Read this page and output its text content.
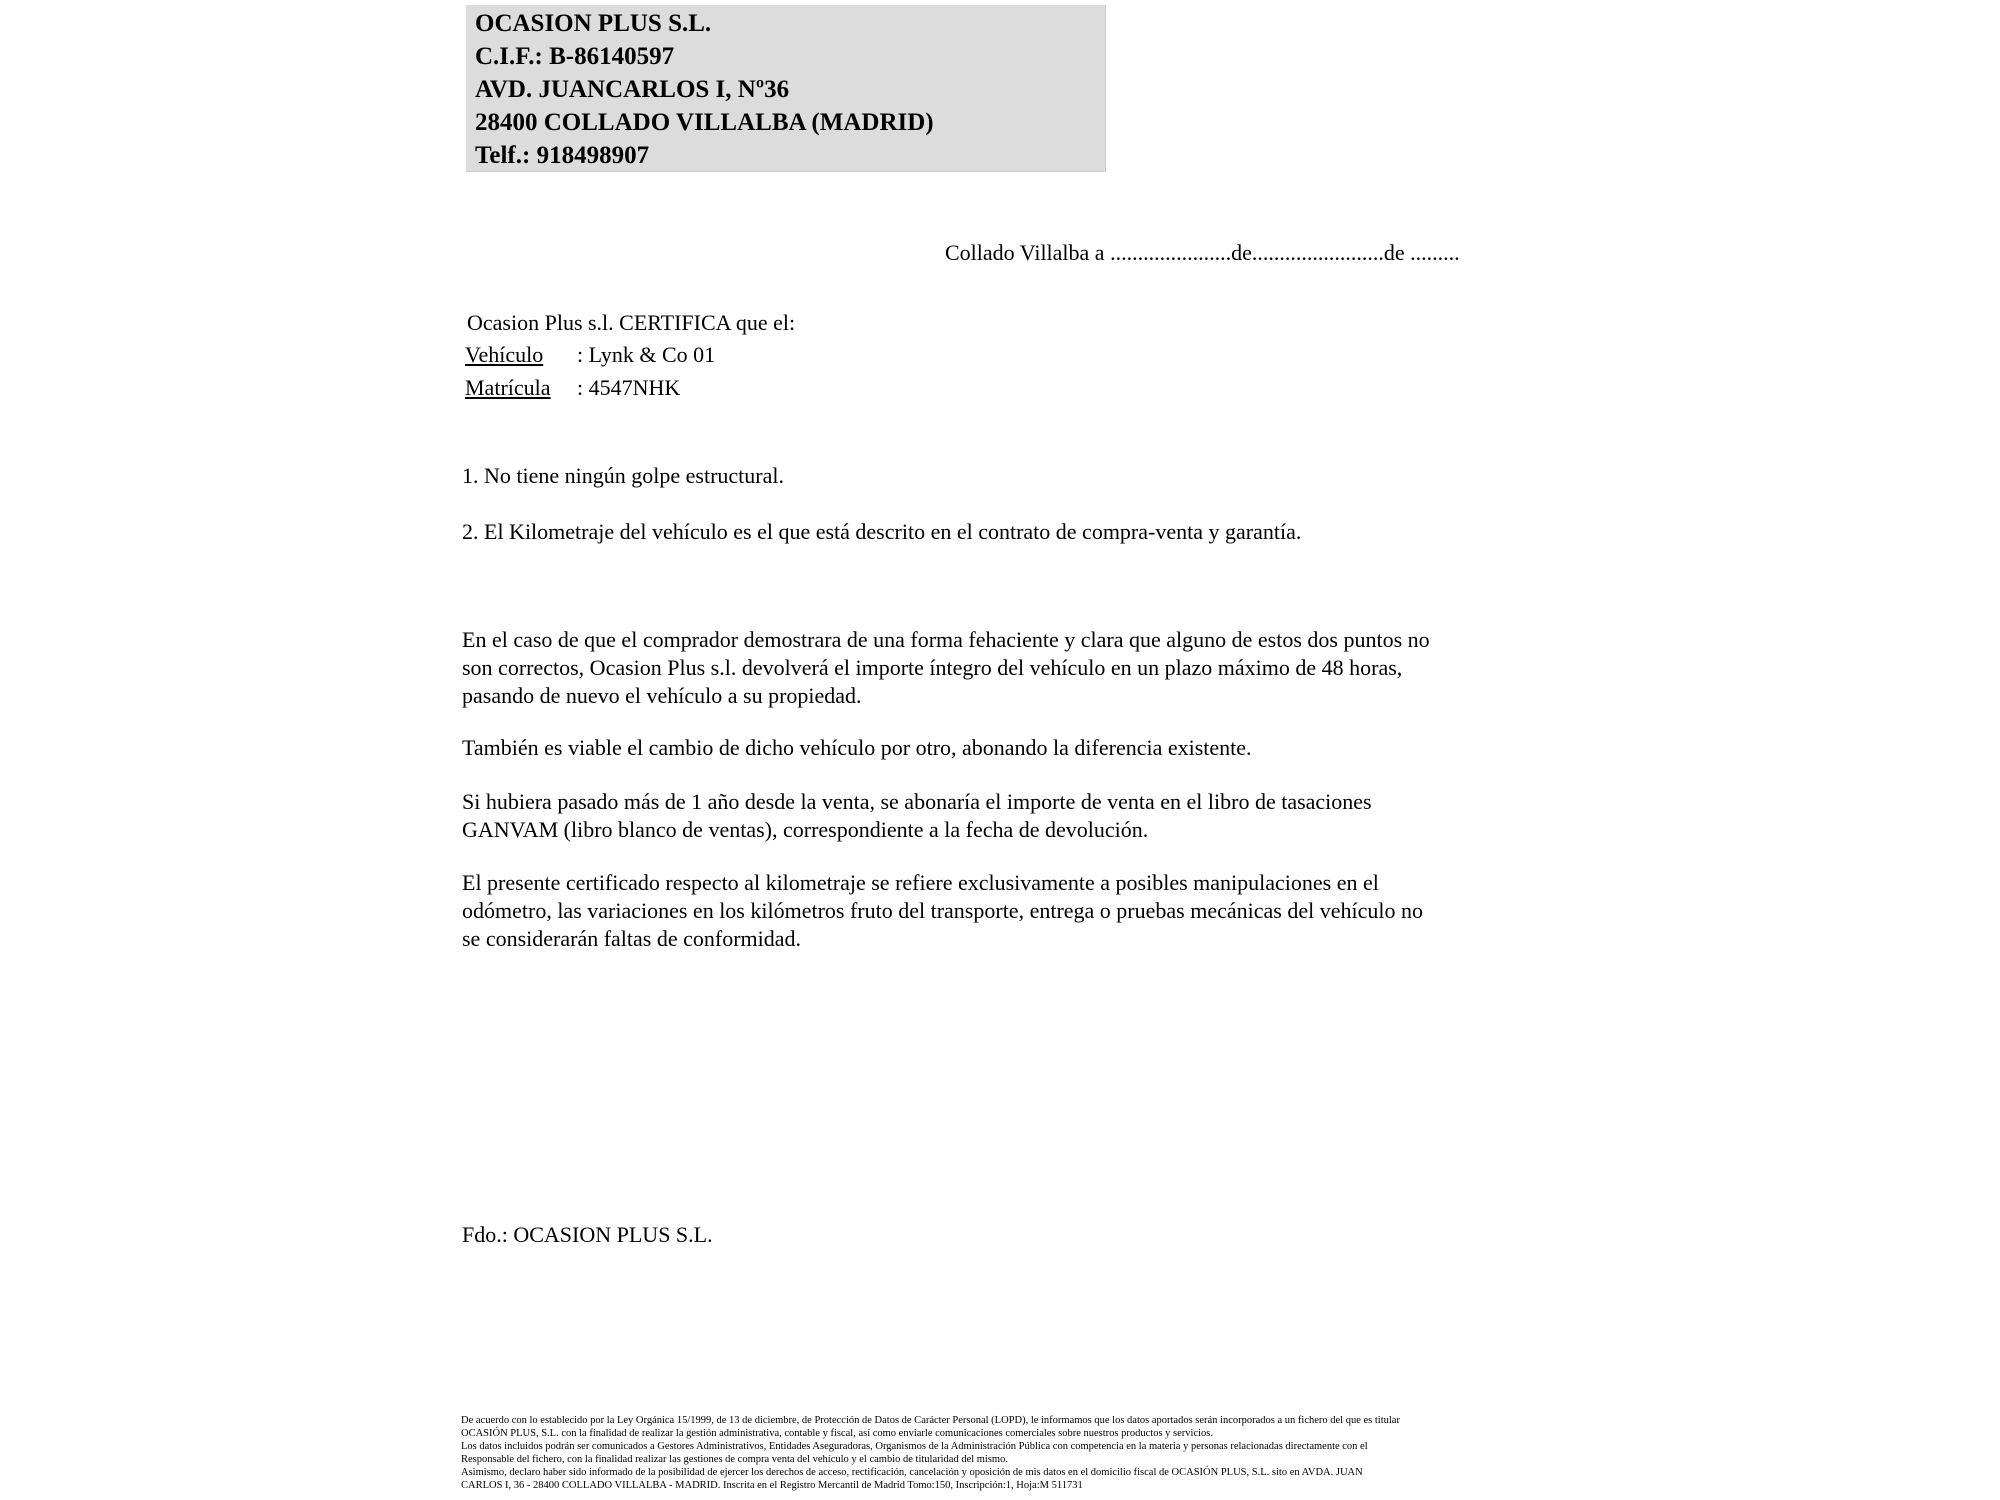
OCASION PLUS S.L.
C.I.F.: B-86140597
AVD. JUANCARLOS I, Nº36
28400 COLLADO VILLALBA (MADRID)
Telf.: 918498907
Collado Villalba a ......................de........................de .........
Ocasion Plus s.l. CERTIFICA que el:
Vehículo : Lynk & Co 01
Matrícula : 4547NHK
1. No tiene ningún golpe estructural.
2. El Kilometraje del vehículo es el que está descrito en el contrato de compra-venta y garantía.
En el caso de que el comprador demostrara de una forma fehaciente y clara que alguno de estos dos puntos no
son correctos, Ocasion Plus s.l. devolverá el importe íntegro del vehículo en un plazo máximo de 48 horas,
pasando de nuevo el vehículo a su propiedad.
También es viable el cambio de dicho vehículo por otro, abonando la diferencia existente.
Si hubiera pasado más de 1 año desde la venta, se abonaría el importe de venta en el libro de tasaciones
GANVAM (libro blanco de ventas), correspondiente a la fecha de devolución.
El presente certificado respecto al kilometraje se refiere exclusivamente a posibles manipulaciones en el
odómetro, las variaciones en los kilómetros fruto del transporte, entrega o pruebas mecánicas del vehículo no
se considerarán faltas de conformidad.
Fdo.: OCASION PLUS S.L.
De acuerdo con lo establecido por la Ley Orgánica 15/1999, de 13 de diciembre, de Protección de Datos de Carácter Personal (LOPD), le informamos que los datos aportados serán incorporados a un fichero del que es titular
OCASIÓN PLUS, S.L. con la finalidad de realizar la gestión administrativa, contable y fiscal, así como enviarle comunicaciones comerciales sobre nuestros productos y servicios.
Los datos incluidos podrán ser comunicados a Gestores Administrativos, Entidades Aseguradoras, Organismos de la Administración Pública con competencia en la materia y personas relacionadas directamente con el
Responsable del fichero, con la finalidad realizar las gestiones de compra venta del vehículo y el cambio de titularidad del mismo.
Asimismo, declaro haber sido informado de la posibilidad de ejercer los derechos de acceso, rectificación, cancelación y oposición de mis datos en el domicilio fiscal de OCASIÓN PLUS, S.L. sito en AVDA. JUAN
CARLOS I, 36 - 28400 COLLADO VILLALBA - MADRID. Inscrita en el Registro Mercantil de Madrid Tomo:150, Inscripción:1, Hoja:M 511731
